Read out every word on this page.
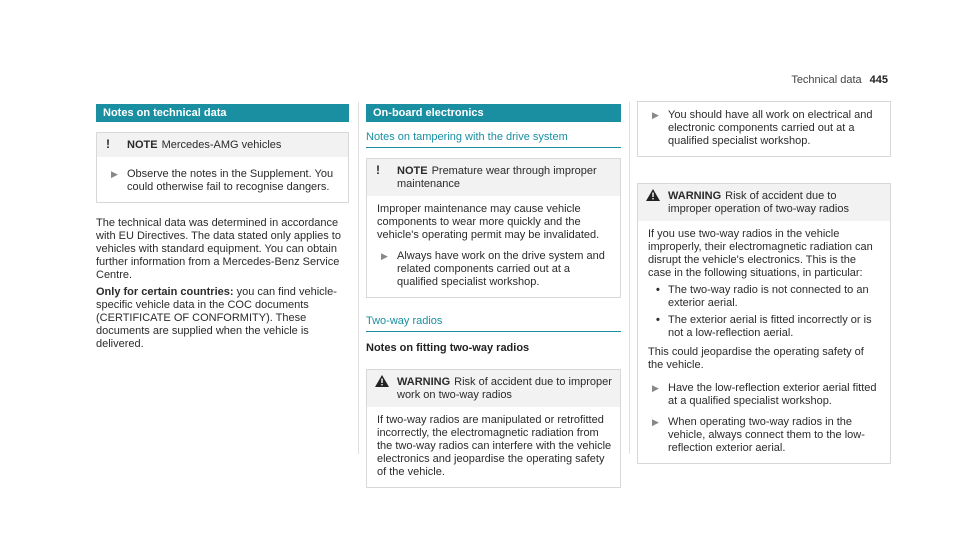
Technical data 445
Notes on technical data
! NOTE Mercedes-AMG vehicles
▶ Observe the notes in the Supplement. You could otherwise fail to recognise dangers.
The technical data was determined in accordance with EU Directives. The data stated only applies to vehicles with standard equipment. You can obtain further information from a Mercedes-Benz Service Centre.
Only for certain countries: you can find vehicle-specific vehicle data in the COC documents (CERTIFICATE OF CONFORMITY). These documents are supplied when the vehicle is delivered.
On-board electronics
Notes on tampering with the drive system
! NOTE Premature wear through improper maintenance
Improper maintenance may cause vehicle components to wear more quickly and the vehicle's operating permit may be invalidated.
▶ Always have work on the drive system and related components carried out at a qualified specialist workshop.
Two-way radios
Notes on fitting two-way radios
WARNING Risk of accident due to improper work on two-way radios
If two-way radios are manipulated or retrofitted incorrectly, the electromagnetic radiation from the two-way radios can interfere with the vehicle electronics and jeopardise the operating safety of the vehicle.
▶ You should have all work on electrical and electronic components carried out at a qualified specialist workshop.
WARNING Risk of accident due to improper operation of two-way radios
If you use two-way radios in the vehicle improperly, their electromagnetic radiation can disrupt the vehicle's electronics. This is the case in the following situations, in particular:
• The two-way radio is not connected to an exterior aerial.
• The exterior aerial is fitted incorrectly or is not a low-reflection aerial.
This could jeopardise the operating safety of the vehicle.
▶ Have the low-reflection exterior aerial fitted at a qualified specialist workshop.
▶ When operating two-way radios in the vehicle, always connect them to the low-reflection exterior aerial.
